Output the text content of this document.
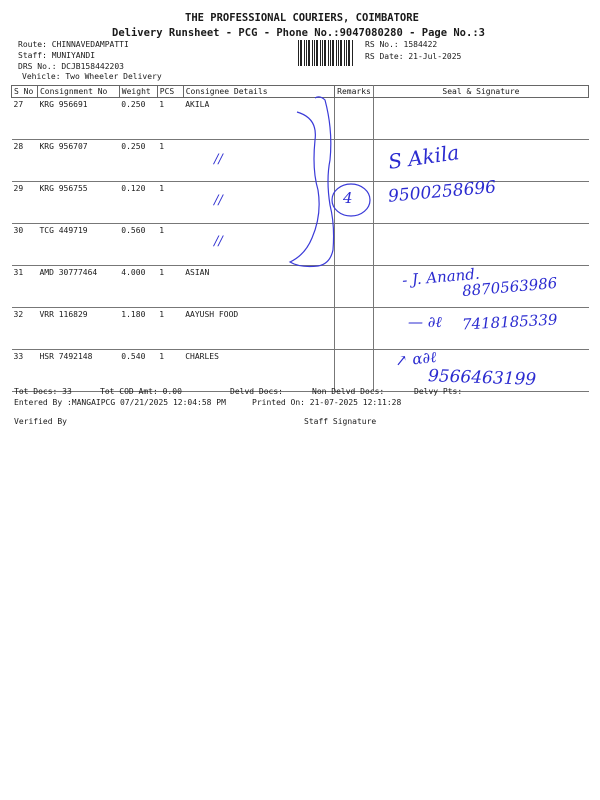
THE PROFESSIONAL COURIERS, COIMBATORE
Delivery Runsheet - PCG - Phone No.:9047080280 - Page No.:3
Route: CHINNAVEDAMPATTI
Staff: MUNIYANDI
DRS No.: DCJB158442203
Vehicle: Two Wheeler Delivery
RS No.: 1584422
RS Date: 21-Jul-2025
S No	Consignment No	Weight	PCS	Consignee Details	Remarks	Seal & Signature
27	KRG 956691	0.250	1	AKILA		
28	KRG 956707	0.250	1			
29	KRG 956755	0.120	1			
30	TCG 449719	0.560	1			
31	AMD 30777464	4.000	1	ASIAN		
32	VRR 116829	1.180	1	AAYUSH FOOD		
33	HSR 7492148	0.540	1	CHARLES		
Tot Docs: 33	Tot COD Amt: 0.00	Delvd Docs:	Non Delvd Docs:	Delvy Pts:
Entered By :MANGAIPCG 07/21/2025 12:04:58 PM	Printed On: 21-07-2025 12:11:28
Verified By	Staff Signature
//
//
//
4
S Akila
9500258696
- J. Anand.
8870563986
— ∂ℓ 7418185339
↗ ɑ∂ℓ
9566463199
